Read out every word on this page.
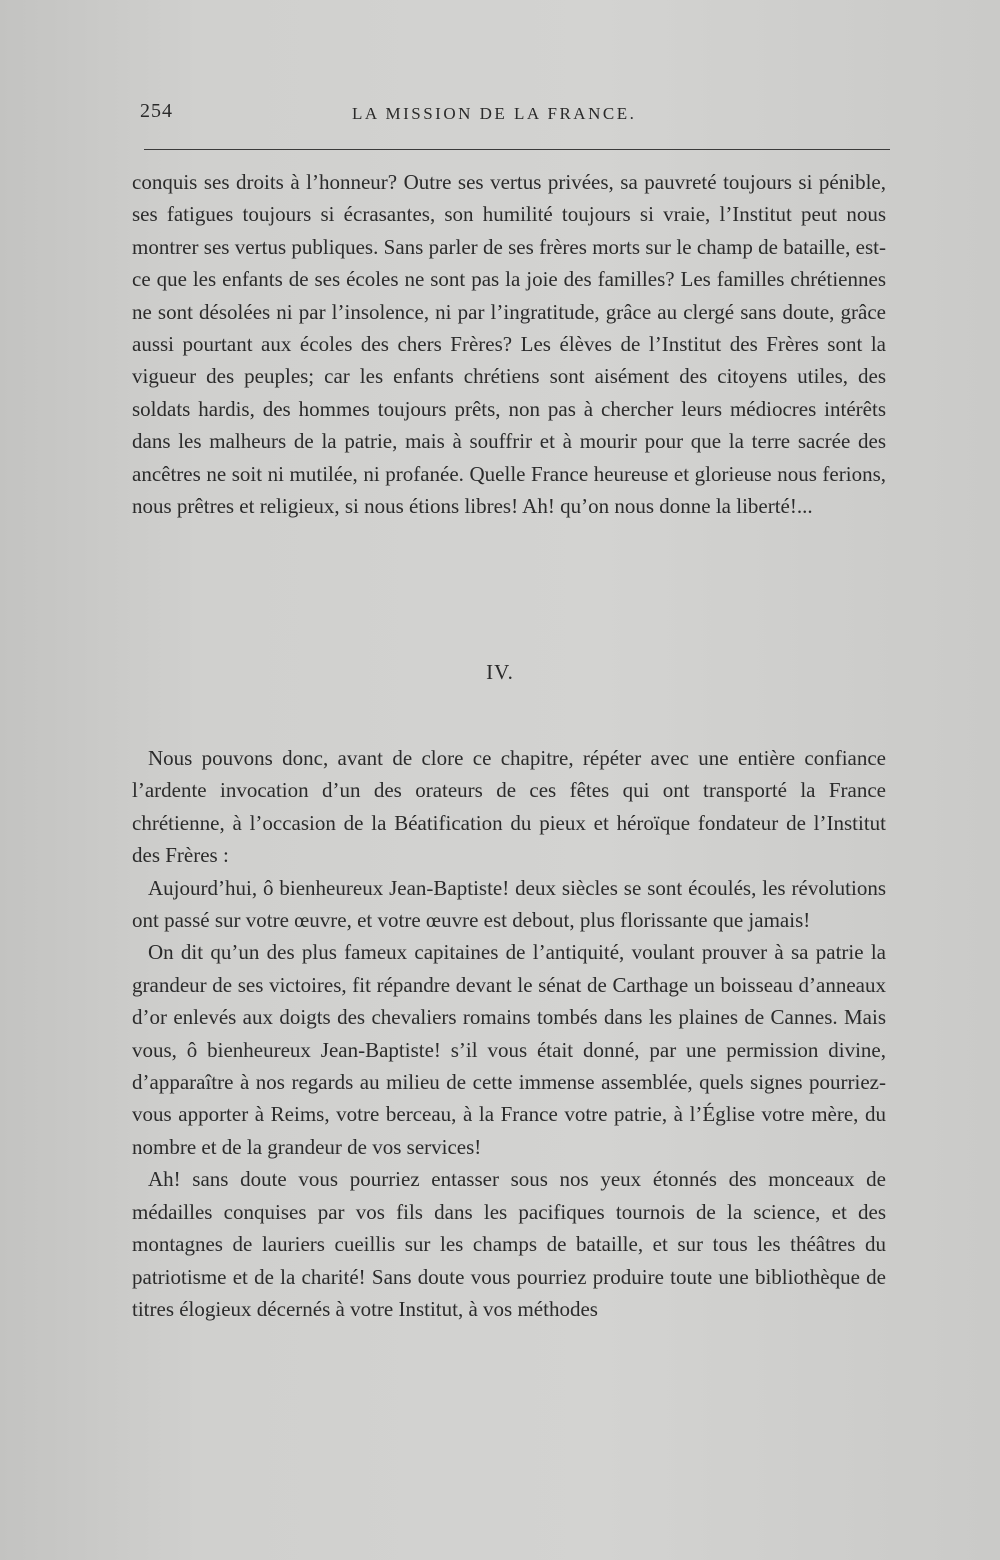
254	LA MISSION DE LA FRANCE.

conquis ses droits à l’honneur? Outre ses vertus privées, sa pauvreté toujours si pénible, ses fatigues toujours si écrasantes, son humilité toujours si vraie, l’Institut peut nous montrer ses vertus publiques. Sans parler de ses frères morts sur le champ de bataille, est-ce que les enfants de ses écoles ne sont pas la joie des familles? Les familles chrétiennes ne sont désolées ni par l’insolence, ni par l’ingratitude, grâce au clergé sans doute, grâce aussi pourtant aux écoles des chers Frères? Les élèves de l’Institut des Frères sont la vigueur des peuples; car les enfants chrétiens sont aisément des citoyens utiles, des soldats hardis, des hommes toujours prêts, non pas à chercher leurs médiocres intérêts dans les malheurs de la patrie, mais à souffrir et à mourir pour que la terre sacrée des ancêtres ne soit ni mutilée, ni profanée. Quelle France heureuse et glorieuse nous ferions, nous prêtres et religieux, si nous étions libres! Ah! qu’on nous donne la liberté!...

IV.

Nous pouvons donc, avant de clore ce chapitre, répéter avec une entière confiance l’ardente invocation d’un des orateurs de ces fêtes qui ont transporté la France chrétienne, à l’occasion de la Béatification du pieux et héroïque fondateur de l’Institut des Frères :

Aujourd’hui, ô bienheureux Jean-Baptiste! deux siècles se sont écoulés, les révolutions ont passé sur votre œuvre, et votre œuvre est debout, plus florissante que jamais!

On dit qu’un des plus fameux capitaines de l’antiquité, voulant prouver à sa patrie la grandeur de ses victoires, fit répandre devant le sénat de Carthage un boisseau d’anneaux d’or enlevés aux doigts des chevaliers romains tombés dans les plaines de Cannes. Mais vous, ô bienheureux Jean-Baptiste! s’il vous était donné, par une permission divine, d’apparaître à nos regards au milieu de cette immense assemblée, quels signes pourriez-vous apporter à Reims, votre berceau, à la France votre patrie, à l’Église votre mère, du nombre et de la grandeur de vos services!

Ah! sans doute vous pourriez entasser sous nos yeux étonnés des monceaux de médailles conquises par vos fils dans les pacifiques tournois de la science, et des montagnes de lauriers cueillis sur les champs de bataille, et sur tous les théâtres du patriotisme et de la charité! Sans doute vous pourriez produire toute une bibliothèque de titres élogieux décernés à votre Institut, à vos méthodes
